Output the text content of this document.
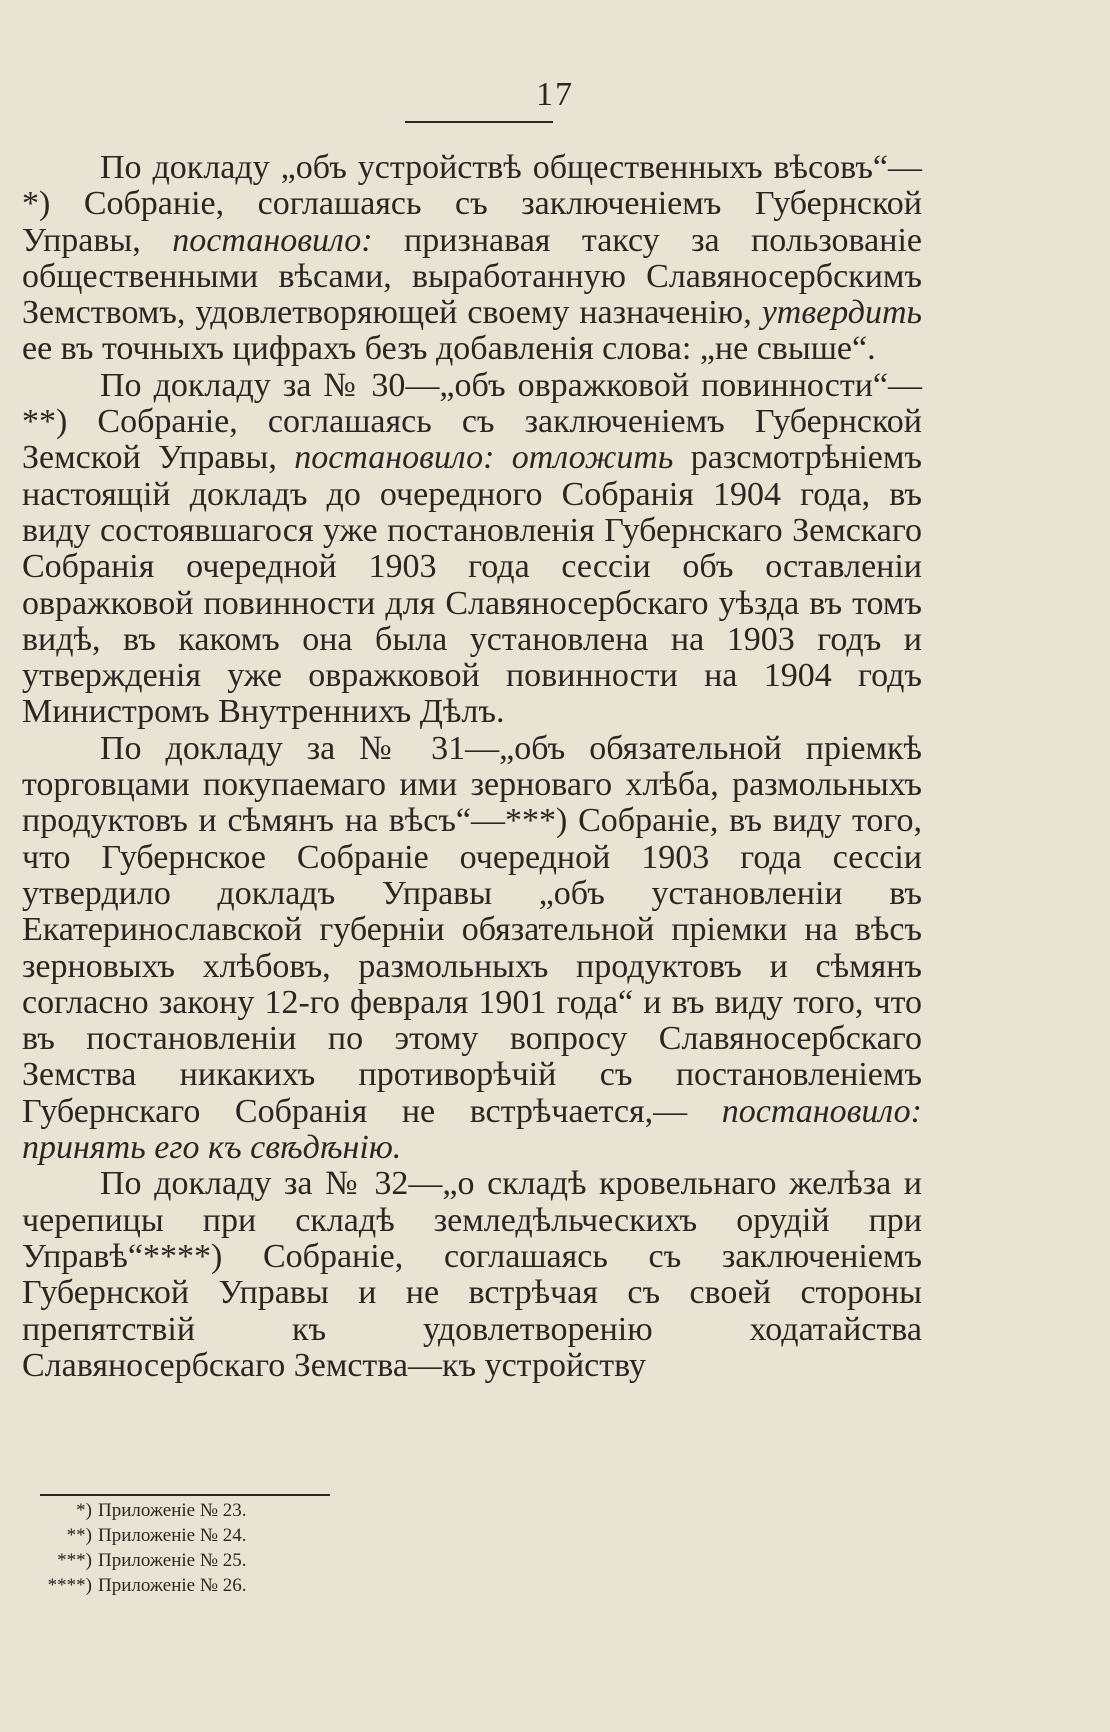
17

По докладу „объ устройствѣ общественныхъ вѣсовъ“—*) Собраніе, соглашаясь съ заключеніемъ Губернской Управы, постановило: признавая таксу за пользованіе общественными вѣсами, выработанную Славяносербскимъ Земствомъ, удовлетворяющей своему назначенію, утвердить ее въ точныхъ цифрахъ безъ добавленія слова: „не свыше“.

По докладу за № 30—„объ овражковой повинности“—**) Собраніе, соглашаясь съ заключеніемъ Губернской Земской Управы, постановило: отложить разсмотрѣніемъ настоящій докладъ до очередного Собранія 1904 года, въ виду состоявшагося уже постановленія Губернскаго Земскаго Собранія очередной 1903 года сессіи объ оставленіи овражковой повинности для Славяносербскаго уѣзда въ томъ видѣ, въ какомъ она была установлена на 1903 годъ и утвержденія уже овражковой повинности на 1904 годъ Министромъ Внутреннихъ Дѣлъ.

По докладу за № 31—„объ обязательной пріемкѣ торговцами покупаемаго ими зерноваго хлѣба, размольныхъ продуктовъ и сѣмянъ на вѣсъ“—***) Собраніе, въ виду того, что Губернское Собраніе очередной 1903 года сессіи утвердило докладъ Управы „объ установленіи въ Екатеринославской губерніи обязательной пріемки на вѣсъ зерновыхъ хлѣбовъ, размольныхъ продуктовъ и сѣмянъ согласно закону 12-го февраля 1901 года“ и въ виду того, что въ постановленіи по этому вопросу Славяносербскаго Земства никакихъ противорѣчій съ постановленіемъ Губернскаго Собранія не встрѣчается,— постановило: принять его къ свѣдѣнію.

По докладу за № 32—„о складѣ кровельнаго желѣза и черепицы при складѣ земледѣльческихъ орудій при Управѣ“****) Собраніе, соглашаясь съ заключеніемъ Губернской Управы и не встрѣчая съ своей стороны препятствій къ удовлетворенію ходатайства Славяносербскаго Земства—къ устройству

*) Приложеніе № 23.
**) Приложеніе № 24.
***) Приложеніе № 25.
****) Приложеніе № 26.
